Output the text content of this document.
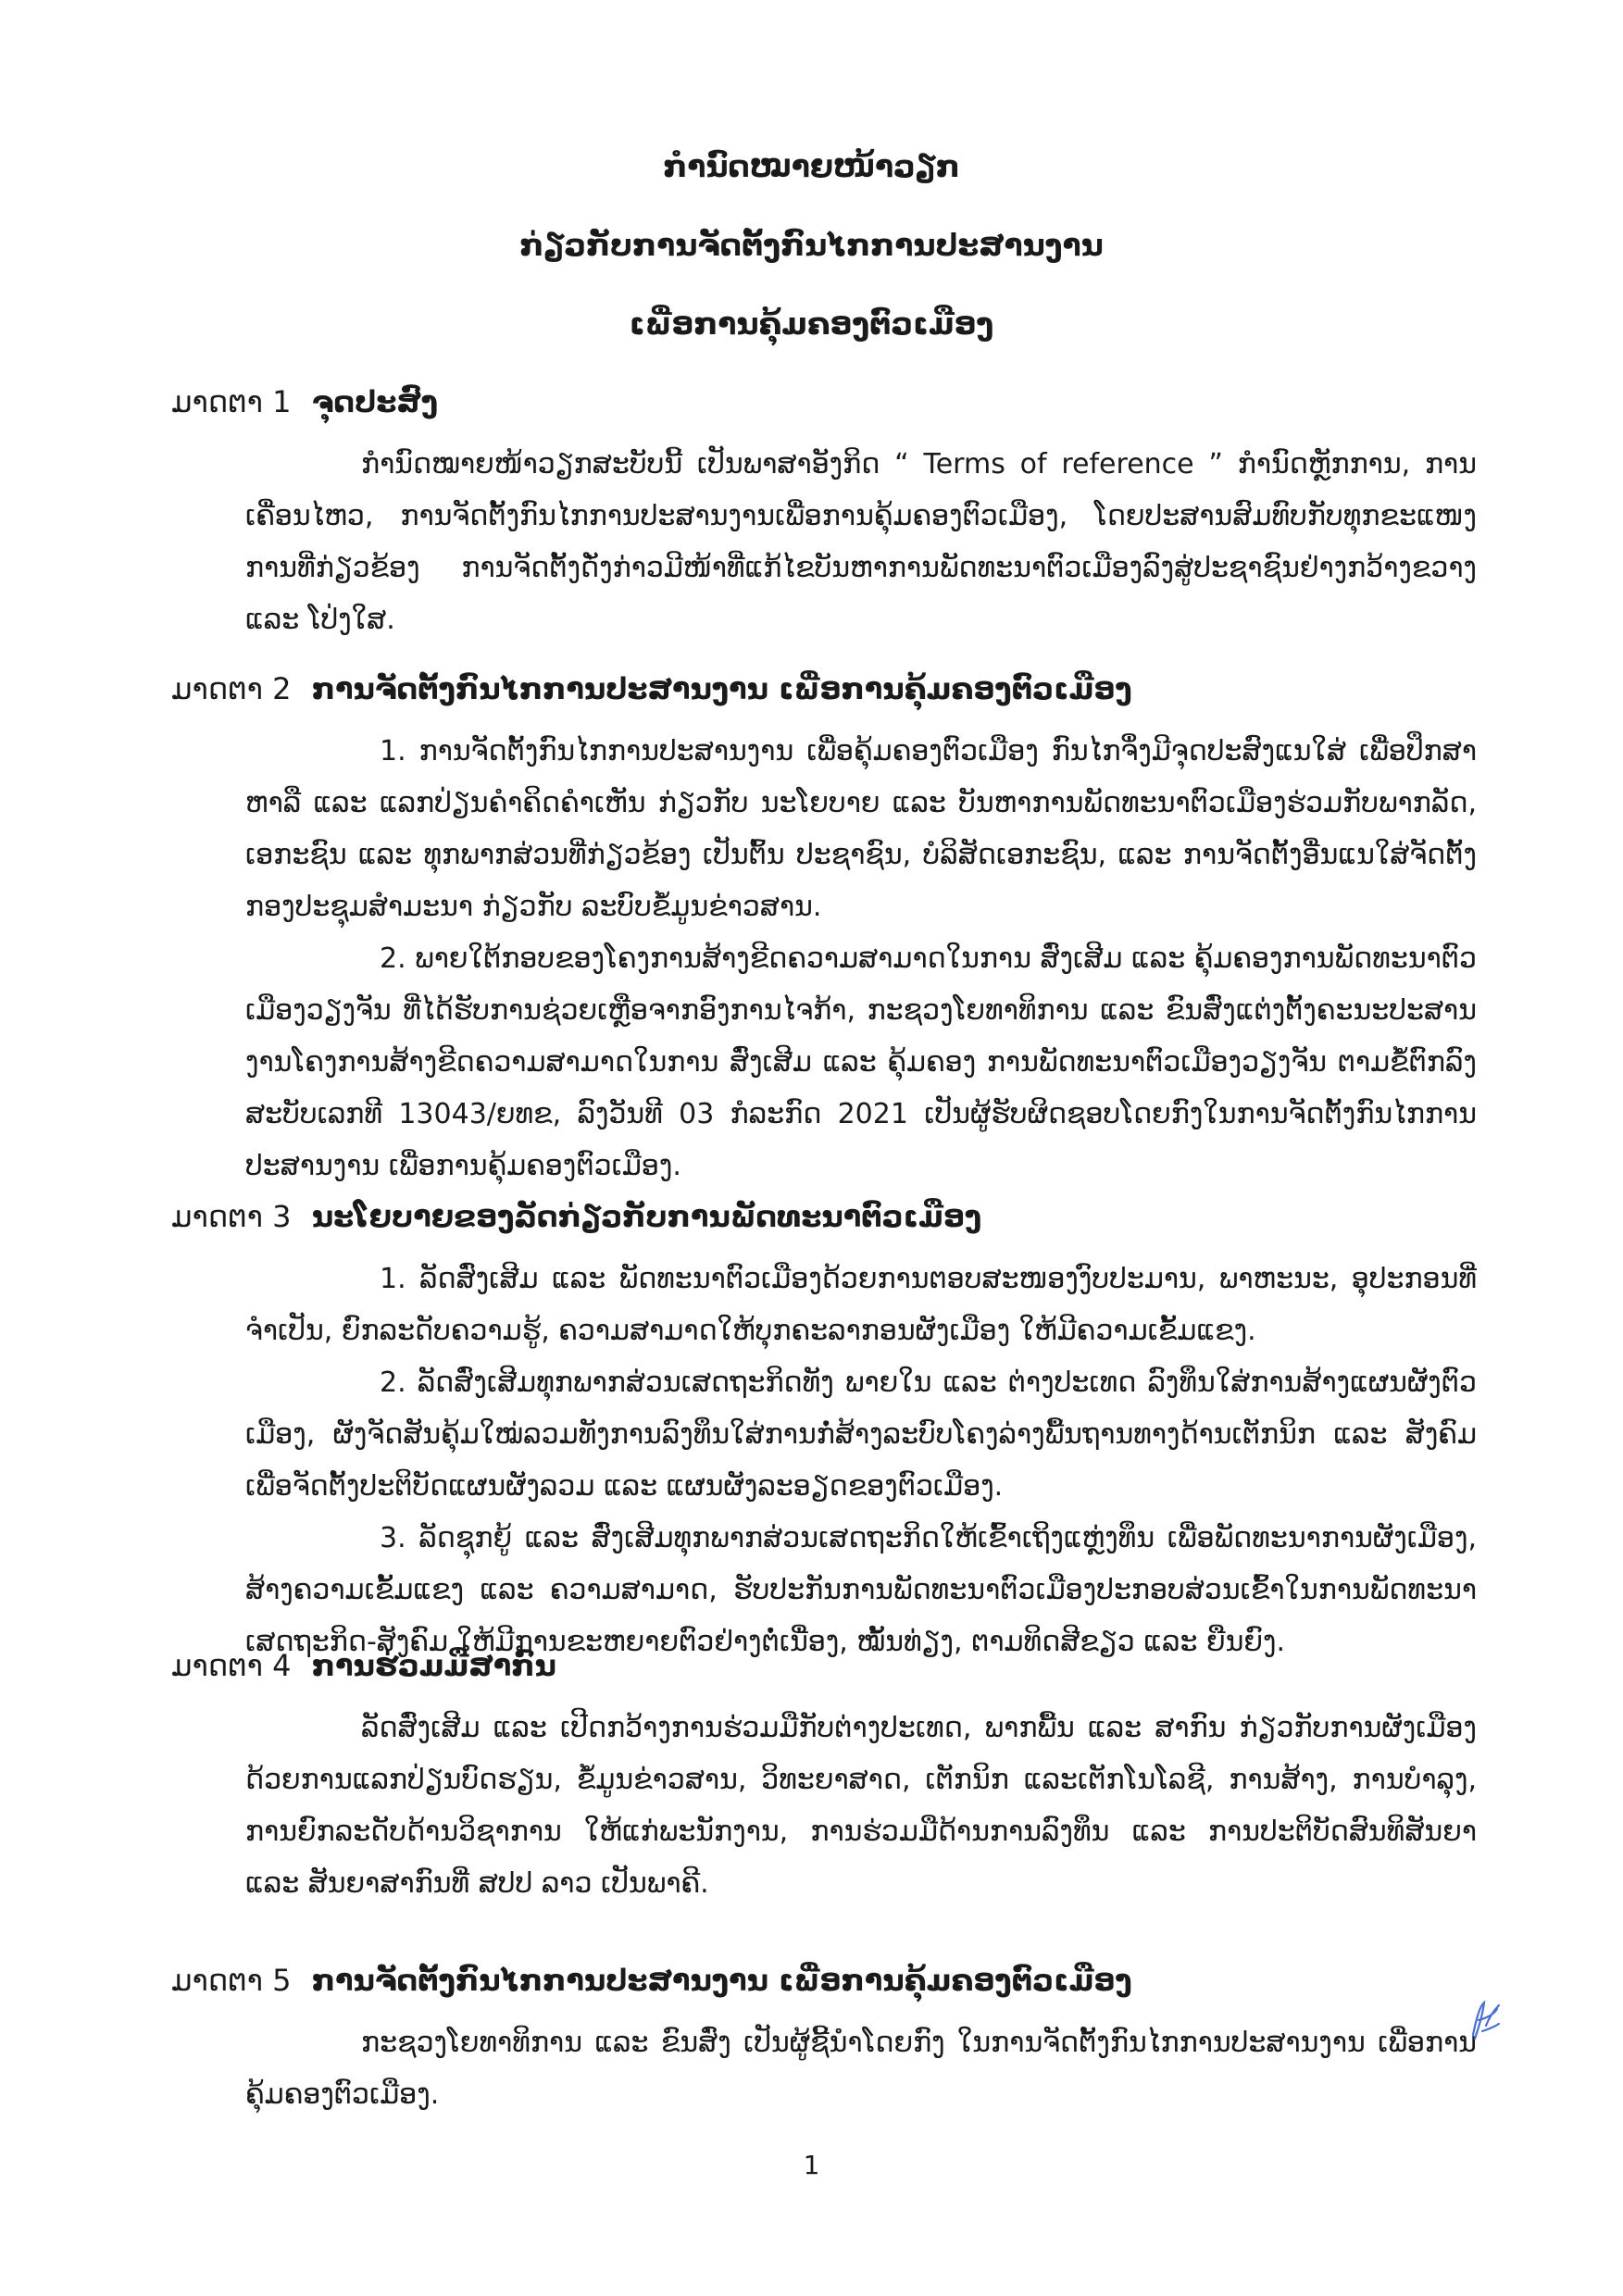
ກຳນົດໝາຍໜ້າວຽກ
ກ່ຽວກັບການຈັດຕັ້ງກົນໄກການປະສານງານ
ເພື່ອການຄຸ້ມຄອງຕົວເມືອງ

ມາດຕາ 1 ຈຸດປະສົງ

ກຳນົດໝາຍໜ້າວຽກສະບັບນີ້ ເປັນພາສາອັງກິດ “ Terms of reference ” ກຳນົດຫຼັກການ, ການເຄື່ອນໄຫວ, ການຈັດຕັ້ງກົນໄກການປະສານງານເພື່ອການຄຸ້ມຄອງຕົວເມືອງ, ໂດຍປະສານສົມທົບກັບທຸກຂະແໜງການທີ່ກ່ຽວຂ້ອງ ການຈັດຕັ້ງດັ່ງກ່າວມີໜ້າທີ່ແກ້ໄຂບັນຫາການພັດທະນາຕົວເມືອງລົງສູ່ປະຊາຊົນຢ່າງກວ້າງຂວາງ ແລະ ໂປ່ງໃສ.

ມາດຕາ 2 ການຈັດຕັ້ງກົນໄກການປະສານງານ ເພື່ອການຄຸ້ມຄອງຕົວເມືອງ

1. ການຈັດຕັ້ງກົນໄກການປະສານງານ ເພື່ອຄຸ້ມຄອງຕົວເມືອງ ກົນໄກຈຶ່ງມີຈຸດປະສົງແນໃສ່ ເພື່ອປຶກສາຫາລື ແລະ ແລກປ່ຽນຄຳຄິດຄຳເຫັນ ກ່ຽວກັບ ນະໂຍບາຍ ແລະ ບັນຫາການພັດທະນາຕົວເມືອງຮ່ວມກັບພາກລັດ, ເອກະຊົນ ແລະ ທຸກພາກສ່ວນທີ່ກ່ຽວຂ້ອງ ເປັນຕົ້ນ ປະຊາຊົນ, ບໍລິສັດເອກະຊົນ, ແລະ ການຈັດຕັ້ງອື່ນແນໃສ່ຈັດຕັ້ງກອງປະຊຸມສຳມະນາ ກ່ຽວກັບ ລະບົບຂໍ້ມູນຂ່າວສານ.

2. ພາຍໃຕ້ກອບຂອງໂຄງການສ້າງຂີດຄວາມສາມາດໃນການ ສົ່ງເສີມ ແລະ ຄຸ້ມຄອງການພັດທະນາຕົວເມືອງວຽງຈັນ ທີ່ໄດ້ຮັບການຊ່ວຍເຫຼືອຈາກອົງການໄຈກ້າ, ກະຊວງໂຍທາທິການ ແລະ ຂົນສົ່ງແຕ່ງຕັ້ງຄະນະປະສານງານໂຄງການສ້າງຂີດຄວາມສາມາດໃນການ ສົ່ງເສີມ ແລະ ຄຸ້ມຄອງ ການພັດທະນາຕົວເມືອງວຽງຈັນ ຕາມຂໍ້ຕົກລົງ ສະບັບເລກທີ 13043/ຍທຂ, ລົງວັນທີ 03 ກໍລະກົດ 2021 ເປັນຜູ້ຮັບຜິດຊອບໂດຍກົງໃນການຈັດຕັ້ງກົນໄກການປະສານງານ ເພື່ອການຄຸ້ມຄອງຕົວເມືອງ.

ມາດຕາ 3 ນະໂຍບາຍຂອງລັດກ່ຽວກັບການພັດທະນາຕົວເມືອງ

1. ລັດສົ່ງເສີມ ແລະ ພັດທະນາຕົວເມືອງດ້ວຍການຕອບສະໜອງງົບປະມານ, ພາຫະນະ, ອຸປະກອນທີ່ຈຳເປັນ, ຍົກລະດັບຄວາມຮູ້, ຄວາມສາມາດໃຫ້ບຸກຄະລາກອນຜັງເມືອງ ໃຫ້ມີຄວາມເຂັ້ມແຂງ.

2. ລັດສົ່ງເສີມທຸກພາກສ່ວນເສດຖະກິດທັງ ພາຍໃນ ແລະ ຕ່າງປະເທດ ລົງທຶນໃສ່ການສ້າງແຜນຜັງຕົວເມືອງ, ຜັງຈັດສັນຄຸ້ມໃໝ່ລວມທັງການລົງທຶນໃສ່ການກໍ່ສ້າງລະບົບໂຄງລ່າງພື້ນຖານທາງດ້ານເຕັກນິກ ແລະ ສັງຄົມ ເພື່ອຈັດຕັ້ງປະຕິບັດແຜນຜັງລວມ ແລະ ແຜນຜັງລະອຽດຂອງຕົວເມືອງ.

3. ລັດຊຸກຍູ້ ແລະ ສົ່ງເສີມທຸກພາກສ່ວນເສດຖະກິດໃຫ້ເຂົ້າເຖິງແຫຼ່ງທຶນ ເພື່ອພັດທະນາການຜັງເມືອງ, ສ້າງຄວາມເຂັ້ມແຂງ ແລະ ຄວາມສາມາດ, ຮັບປະກັນການພັດທະນາຕົວເມືອງປະກອບສ່ວນເຂົ້າໃນການພັດທະນາເສດຖະກິດ-ສັງຄົມ ໃຫ້ມີການຂະຫຍາຍຕົວຢ່າງຕໍ່ເນື່ອງ, ໝັ້ນທ່ຽງ, ຕາມທິດສີຂຽວ ແລະ ຍືນຍົງ.

ມາດຕາ 4 ການຮ່ວມມືສາກົນ

ລັດສົ່ງເສີມ ແລະ ເປີດກວ້າງການຮ່ວມມືກັບຕ່າງປະເທດ, ພາກພື້ນ ແລະ ສາກົນ ກ່ຽວກັບການຜັງເມືອງດ້ວຍການແລກປ່ຽນບົດຮຽນ, ຂໍ້ມູນຂ່າວສານ, ວິທະຍາສາດ, ເຕັກນິກ ແລະເຕັກໂນໂລຊີ, ການສ້າງ, ການບຳລຸງ, ການຍົກລະດັບດ້ານວິຊາການ ໃຫ້ແກ່ພະນັກງານ, ການຮ່ວມມືດ້ານການລົງທຶນ ແລະ ການປະຕິບັດສົນທິສັນຍາ ແລະ ສັນຍາສາກົນທີ່ ສປປ ລາວ ເປັນພາຄີ.

ມາດຕາ 5 ການຈັດຕັ້ງກົນໄກການປະສານງານ ເພື່ອການຄຸ້ມຄອງຕົວເມືອງ

ກະຊວງໂຍທາທິການ ແລະ ຂົນສົ່ງ ເປັນຜູ້ຊີ້ນຳໂດຍກົງ ໃນການຈັດຕັ້ງກົນໄກການປະສານງານ ເພື່ອການຄຸ້ມຄອງຕົວເມືອງ.

1
